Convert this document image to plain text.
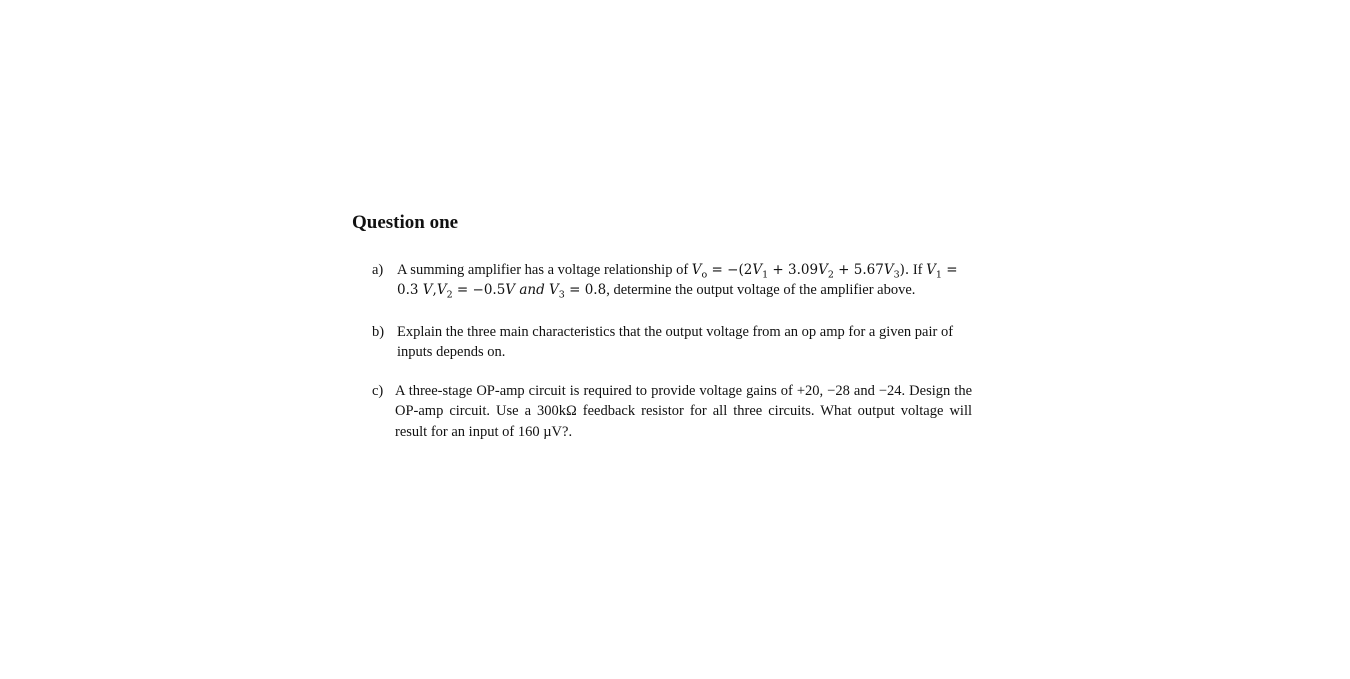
Question one

a) A summing amplifier has a voltage relationship of $V_o = -(2V_1 + 3.09V_2 + 5.67V_3)$. If $V_1 = 0.3$ $V,V_2 = -0.5V$ and $V_3 = 0.8$, determine the output voltage of the amplifier above.
b) Explain the three main characteristics that the output voltage from an op amp for a given pair of inputs depends on.
c) A three-stage OP-amp circuit is required to provide voltage gains of +20, −28 and −24. Design the OP-amp circuit. Use a 300kΩ feedback resistor for all three circuits. What output voltage will result for an input of 160 µV?.
